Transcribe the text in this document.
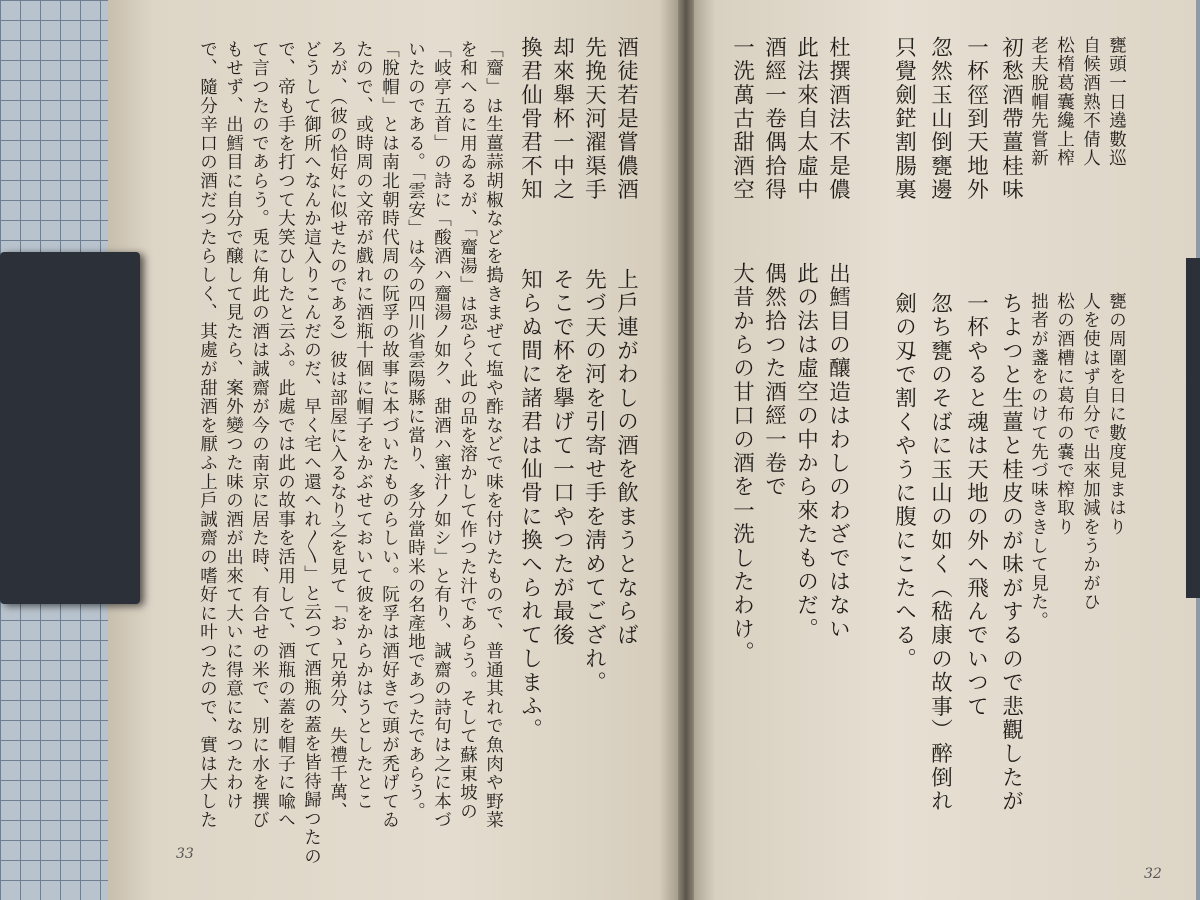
甕頭一日遶數巡
自候酒熟不倩人
松楕葛囊纔上榨
老夫脫帽先嘗新
甕の周圍を日に數度見まはり
人を使はず自分で出來加減をうかがひ
松の酒槽に葛布の嚢で榨取り
拙者が盞をのけて先づ味ききして見た。
只覺劍鋩割腸裏 忽然玉山倒甕邊 一杯徑到天地外 初愁酒帶薑桂味
杜撰酒法不是儂
此法來自太虛中
酒經一卷偶拾得
一洗萬古甜酒空
劍の刄で割くやうに腹にこたへる。 忽ち甕のそばに玉山の如く（嵇康の故事）醉倒れ 一杯やると魂は天地の外へ飛んでいつて ちよつと生薑と桂皮のが味がするので悲觀したが
出鱈目の釀造はわしのわざではない
此の法は虛空の中から來たものだ。
偶然拾つた酒經一卷で
大昔からの甘口の酒を一洗したわけ。
32
酒徒若是嘗儂酒
先挽天河濯渠手
却來舉杯一中之
換君仙骨君不知
上戶連がわしの酒を飮まうとならば
先づ天の河を引寄せ手を淸めてござれ。
そこで杯を擧げて一口やつたが最後
知らぬ間に諸君は仙骨に換へられてしまふ。
「齏」は生薑蒜胡椒などを搗きまぜて塩や酢などで味を付けたもので、普通其れで魚肉や野菜
を和へるに用ゐるが、「齏湯」は恐らく此の品を溶かして作つた汁であらう。そして蘇東坡の
「岐亭五首」の詩に「酸酒ハ齏湯ノ如ク、甜酒ハ蜜汁ノ如シ」と有り、誠齋の詩句は之に本づ
いたのである。「雲安」は今の四川省雲陽縣に當り、多分當時米の名產地であつたであらう。
「脫帽」とは南北朝時代周の阮孚の故事に本づいたものらしい。阮孚は酒好きで頭が禿げてゐ
たので、或時周の文帝が戲れに酒瓶十個に帽子をかぶせておいて彼をからかはうとしたとこ
ろが、（彼の恰好に似せたのである）彼は部屋に入るなり之を見て「おゝ兄弟分、失禮千萬、
どうして御所へなんか這入りこんだのだ、早く宅へ還へれ〳〵」と云つて酒瓶の蓋を皆待歸つたの
で、帝も手を打つて大笑ひしたと云ふ。此處では此の故事を活用して、酒瓶の蓋を帽子に喩へ
て言つたのであらう。兎に角此の酒は誠齋が今の南京に居た時、有合せの米で、別に水を撰び
もせず、出鱈目に自分で醸して見たら、案外變つた味の酒が出來て大いに得意になつたわけ
で、隨分辛口の酒だつたらしく、其處が甜酒を厭ふ上戶誠齋の嗜好に叶つたので、實は大した
33
